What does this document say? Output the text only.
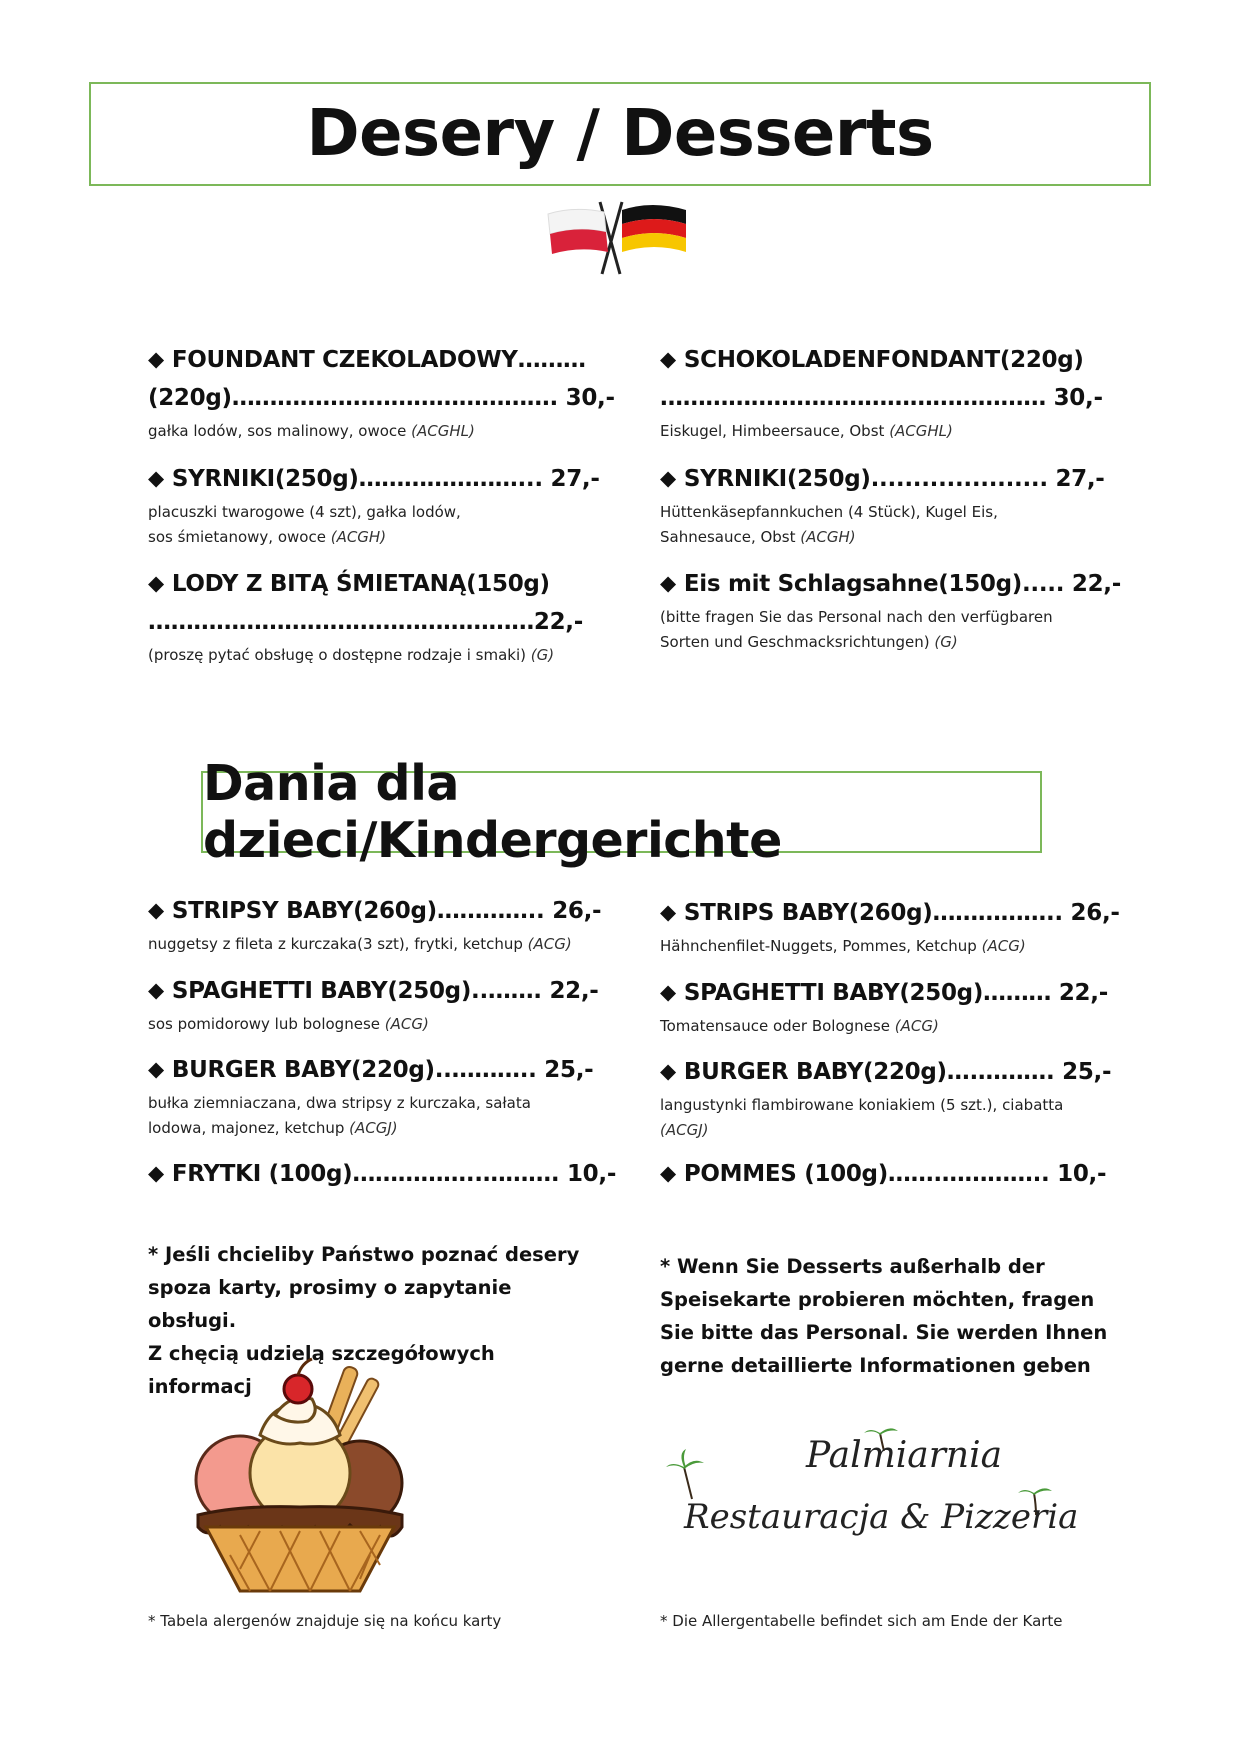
Desery / Desserts
◆ FOUNDANT CZEKOLADOWY………
(220g)……………………………………. 30,-
gałka lodów, sos malinowy, owoce (ACGHL)
◆ SYRNIKI(250g)…………………... 27,-
placuszki twarogowe (4 szt), gałka lodów,
sos śmietanowy, owoce (ACGH)
◆ LODY Z BITĄ ŚMIETANĄ(150g)
……………………………………………22,-
(proszę pytać obsługę o dostępne rodzaje i smaki) (G)
◆ SCHOKOLADENFONDANT(220g)
…………………………………………… 30,-
Eiskugel, Himbeersauce, Obst (ACGHL)
◆ SYRNIKI(250g)..................... 27,-
Hüttenkäsepfannkuchen (4 Stück), Kugel Eis,
Sahnesauce, Obst (ACGH)
◆ Eis mit Schlagsahne(150g)..... 22,-
(bitte fragen Sie das Personal nach den verfügbaren
Sorten und Geschmacksrichtungen) (G)
Dania dla dzieci/Kindergerichte
◆ STRIPSY BABY(260g)………….. 26,-
nuggetsy z fileta z kurczaka(3 szt), frytki, ketchup (ACG)
◆ SPAGHETTI BABY(250g)..……. 22,-
sos pomidorowy lub bolognese (ACG)
◆ BURGER BABY(220g)..……….. 25,-
bułka ziemniaczana, dwa stripsy z kurczaka, sałata
lodowa, majonez, ketchup (ACGJ)
◆ FRYTKI (100g)……………..………. 10,-
◆ STRIPS BABY(260g)…………….. 26,-
Hähnchenfilet-Nuggets, Pommes, Ketchup (ACG)
◆ SPAGHETTI BABY(250g)……… 22,-
Tomatensauce oder Bolognese (ACG)
◆ BURGER BABY(220g)….………. 25,-
langustynki flambirowane koniakiem (5 szt.), ciabatta
(ACGJ)
◆ POMMES (100g)…….………….. 10,-
* Jeśli chcieliby Państwo poznać desery
spoza karty, prosimy o zapytanie obsługi.
Z chęcią udzielą szczegółowych informacj
* Wenn Sie Desserts außerhalb der
Speisekarte probieren möchten, fragen
Sie bitte das Personal. Sie werden Ihnen
gerne detaillierte Informationen geben
Palmiarnia
Restauracja & Pizzeria
* Tabela alergenów znajduje się na końcu karty	* Die Allergentabelle befindet sich am Ende der Karte
